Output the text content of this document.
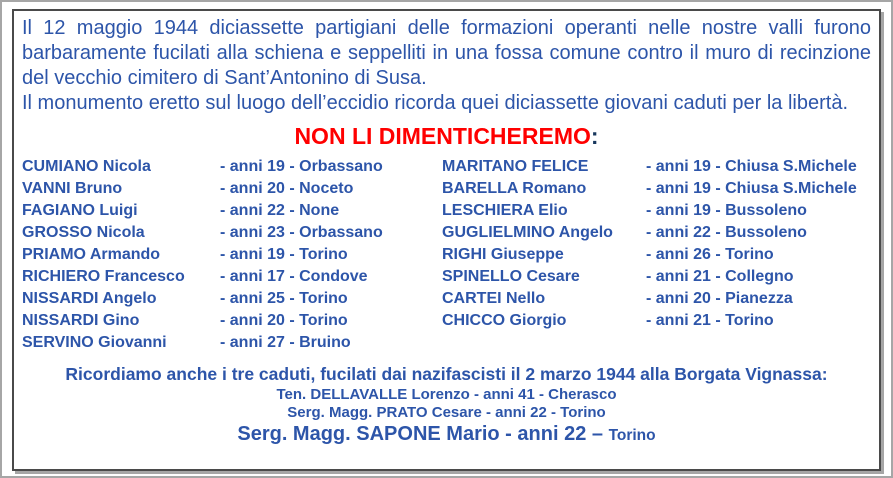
Il 12 maggio 1944 diciassette partigiani delle formazioni operanti nelle nostre valli furono barbaramente fucilati alla schiena e seppelliti in una fossa comune contro il muro di recinzione del vecchio cimitero di Sant’Antonino di Susa.

Il monumento eretto sul luogo dell’eccidio ricorda quei diciassette giovani caduti per la libertà.

NON LI DIMENTICHEREMO:
CUMIANO Nicola	- anni 19 - Orbassano
VANNI Bruno	- anni 20 - Noceto
FAGIANO Luigi	- anni 22 - None
GROSSO Nicola	- anni 23 - Orbassano
PRIAMO Armando	- anni 19 - Torino
RICHIERO Francesco	- anni 17 - Condove
NISSARDI Angelo	- anni 25 - Torino
NISSARDI Gino	- anni 20 - Torino
SERVINO Giovanni	- anni 27 - Bruino
MARITANO FELICE	- anni 19 - Chiusa S.Michele
BARELLA Romano	- anni 19 - Chiusa S.Michele
LESCHIERA Elio	- anni 19 - Bussoleno
GUGLIELMINO Angelo	- anni 22 - Bussoleno
RIGHI Giuseppe	- anni 26 - Torino
SPINELLO Cesare	- anni 21 - Collegno
CARTEI Nello	- anni 20 - Pianezza
CHICCO Giorgio	- anni 21 - Torino
Ricordiamo anche i tre caduti, fucilati dai nazifascisti il 2 marzo 1944 alla Borgata Vignassa:
Ten. DELLAVALLE Lorenzo - anni 41 - Cherasco
Serg. Magg. PRATO Cesare - anni 22 - Torino
Serg. Magg. SAPONE Mario - anni 22 – Torino
